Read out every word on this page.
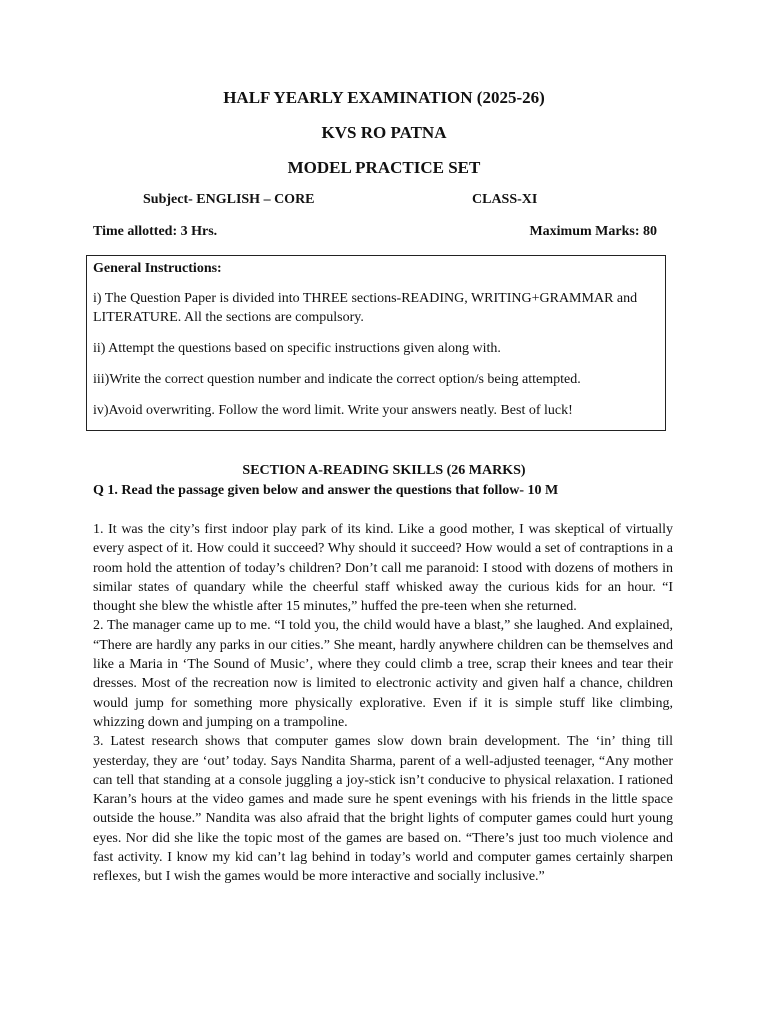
HALF YEARLY EXAMINATION (2025-26)
KVS RO PATNA
MODEL PRACTICE SET
Subject- ENGLISH – CORE	CLASS-XI
Time allotted: 3 Hrs.	Maximum Marks: 80
General Instructions:

i) The Question Paper is divided into THREE sections-READING, WRITING+GRAMMAR and LITERATURE. All the sections are compulsory.

ii) Attempt the questions based on specific instructions given along with.

iii)Write the correct question number and indicate the correct option/s being attempted.

iv)Avoid overwriting. Follow the word limit. Write your answers neatly. Best of luck!

SECTION A-READING SKILLS (26 MARKS)
Q 1. Read the passage given below and answer the questions that follow- 10 M

1. It was the city’s first indoor play park of its kind. Like a good mother, I was skeptical of virtually every aspect of it. How could it succeed? Why should it succeed? How would a set of contraptions in a room hold the attention of today’s children? Don’t call me paranoid: I stood with dozens of mothers in similar states of quandary while the cheerful staff whisked away the curious kids for an hour. “I thought she blew the whistle after 15 minutes,” huffed the pre-teen when she returned.

2. The manager came up to me. “I told you, the child would have a blast,” she laughed. And explained, “There are hardly any parks in our cities.” She meant, hardly anywhere children can be themselves and like a Maria in ‘The Sound of Music’, where they could climb a tree, scrap their knees and tear their dresses. Most of the recreation now is limited to electronic activity and given half a chance, children would jump for something more physically explorative. Even if it is simple stuff like climbing, whizzing down and jumping on a trampoline.

3. Latest research shows that computer games slow down brain development. The ‘in’ thing till yesterday, they are ‘out’ today. Says Nandita Sharma, parent of a well-adjusted teenager, “Any mother can tell that standing at a console juggling a joy-stick isn’t conducive to physical relaxation. I rationed Karan’s hours at the video games and made sure he spent evenings with his friends in the little space outside the house.” Nandita was also afraid that the bright lights of computer games could hurt young eyes. Nor did she like the topic most of the games are based on. “There’s just too much violence and fast activity. I know my kid can’t lag behind in today’s world and computer games certainly sharpen reflexes, but I wish the games would be more interactive and socially inclusive.”
